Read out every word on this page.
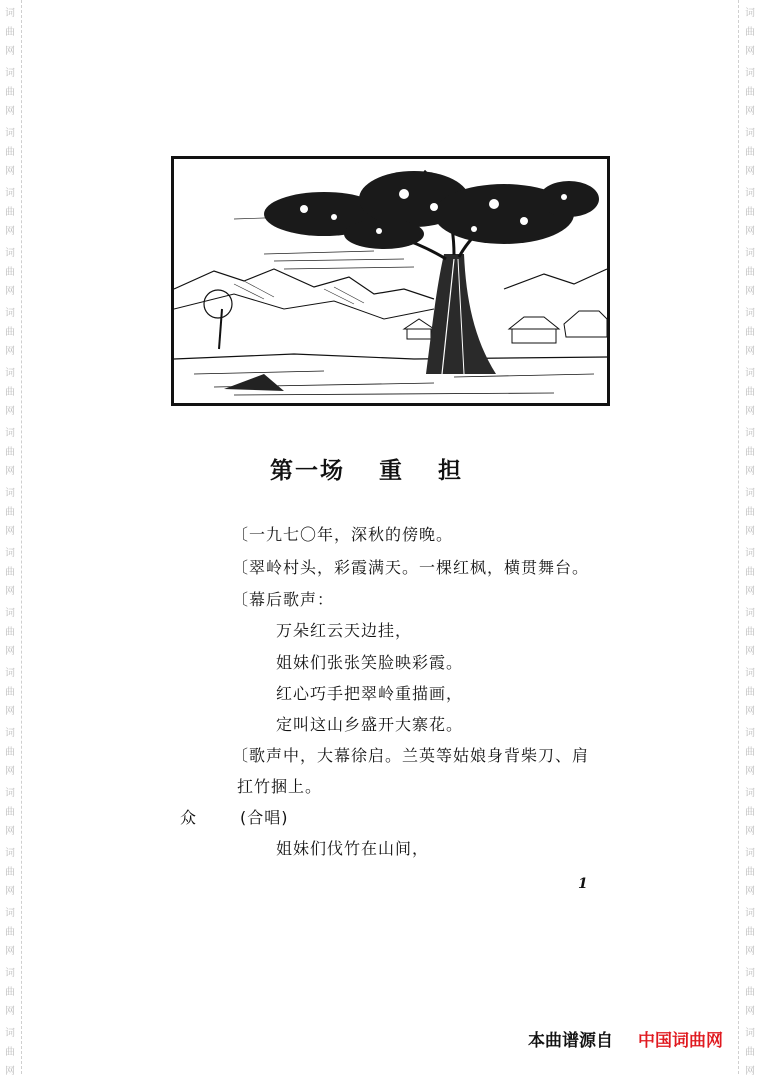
词
曲
网
词
曲
网
词
曲
网
词
曲
网
词
曲
网
词
曲
网
词
曲
网
词
曲
网
词
曲
网
词
曲
网
词
曲
网
词
曲
网
词
曲
网
词
曲
网
词
曲
网
词
曲
网
词
曲
网
词
曲
网
词
曲
网
词
曲
网
词
曲
网
词
曲
网
词
曲
网
词
曲
网
词
曲
网
词
曲
网
词
曲
网
词
曲
网
词
曲
网
词
曲
网
词
曲
网
词
曲
网
词
曲
网
词
曲
网
词
曲
网
词
曲
网
第一场 重 担
〔一九七〇年，深秋的傍晚。
〔翠岭村头，彩霞满天。一棵红枫，横贯舞台。
〔幕后歌声：
万朵红云天边挂，
姐妹们张张笑脸映彩霞。
红心巧手把翠岭重描画，
定叫这山乡盛开大寨花。
〔歌声中，大幕徐启。兰英等姑娘身背柴刀、肩
扛竹捆上。
众	(合唱)
姐妹们伐竹在山间，
1
本曲谱源自 中国词曲网
